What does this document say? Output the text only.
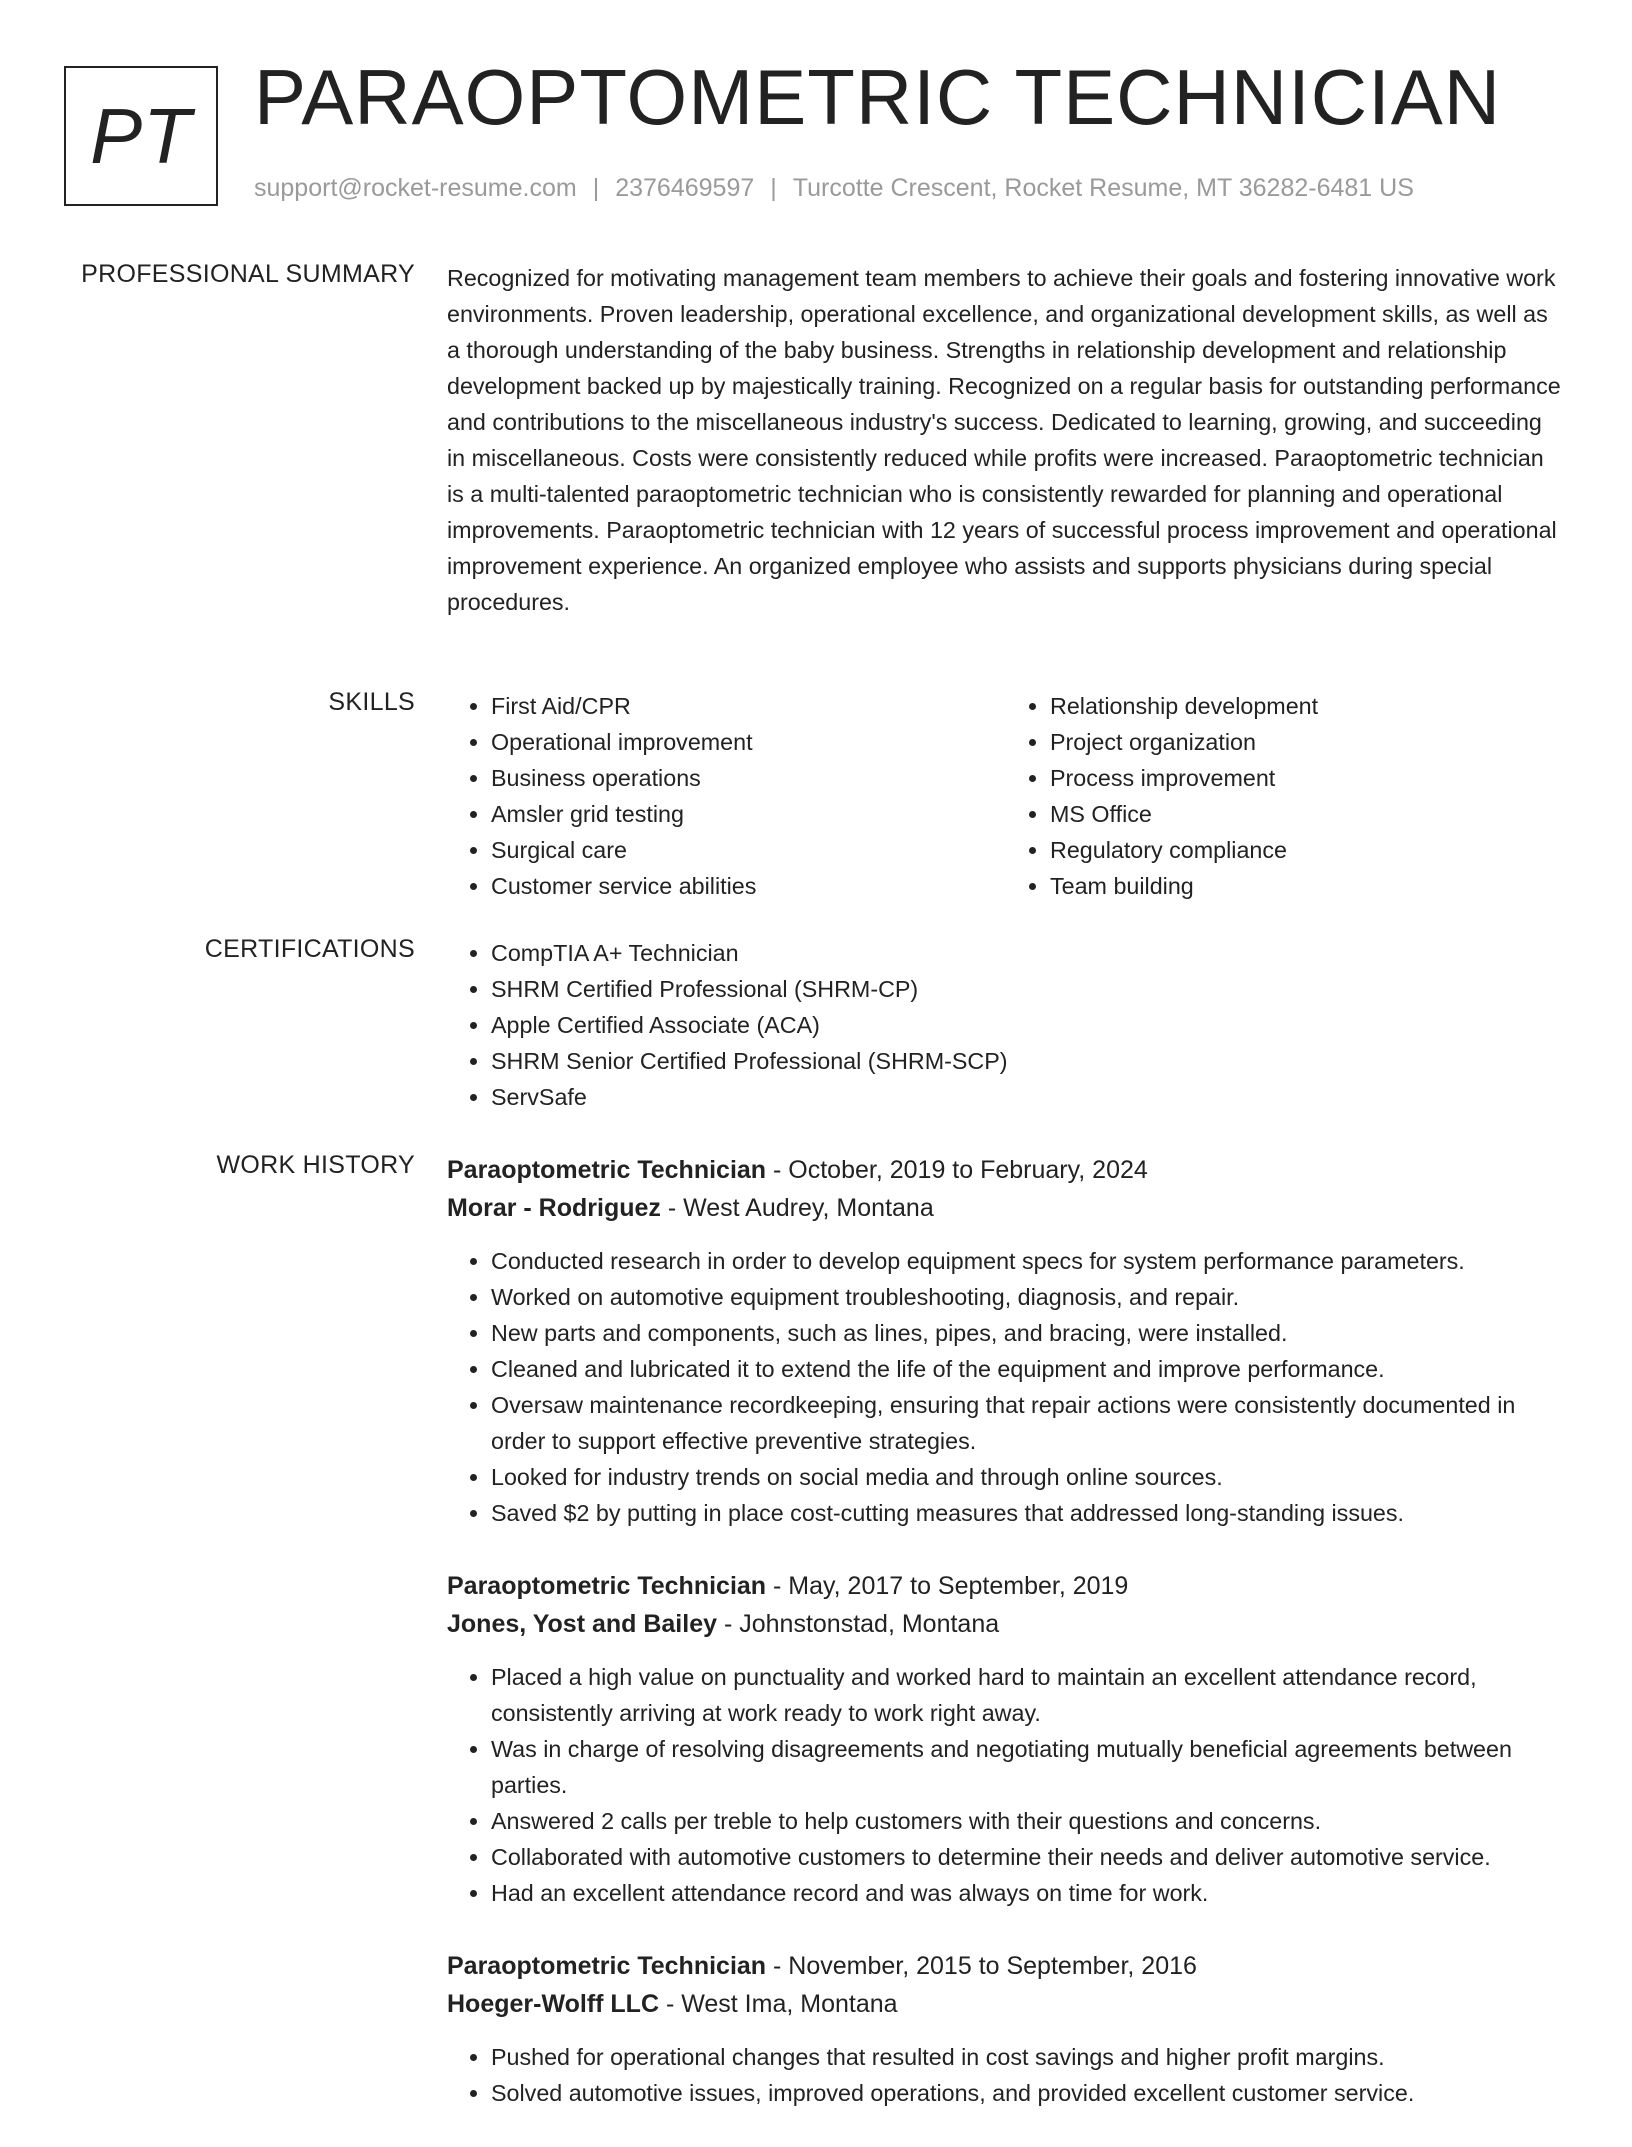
PT PARAOPTOMETRIC TECHNICIAN
support@rocket-resume.com | 2376469597 | Turcotte Crescent, Rocket Resume, MT 36282-6481 US
PROFESSIONAL SUMMARY Recognized for motivating management team members to achieve their goals and fostering innovative work environments. Proven leadership, operational excellence, and organizational development skills, as well as a thorough understanding of the baby business. Strengths in relationship development and relationship development backed up by majestically training. Recognized on a regular basis for outstanding performance and contributions to the miscellaneous industry's success. Dedicated to learning, growing, and succeeding in miscellaneous. Costs were consistently reduced while profits were increased. Paraoptometric technician is a multi-talented paraoptometric technician who is consistently rewarded for planning and operational improvements. Paraoptometric technician with 12 years of successful process improvement and operational improvement experience. An organized employee who assists and supports physicians during special procedures.

SKILLS	• First Aid/CPR
• Operational improvement
• Business operations
• Amsler grid testing
• Surgical care
• Customer service abilities
• Relationship development
• Project organization
• Process improvement
• MS Office
• Regulatory compliance
• Team building
CERTIFICATIONS	• CompTIA A+ Technician
• SHRM Certified Professional (SHRM-CP)
• Apple Certified Associate (ACA)
• SHRM Senior Certified Professional (SHRM-SCP)
• ServSafe
WORK HISTORY Paraoptometric Technician - October, 2019 to February, 2024
Morar - Rodriguez - West Audrey, Montana
• Conducted research in order to develop equipment specs for system performance parameters.
• Worked on automotive equipment troubleshooting, diagnosis, and repair.
• New parts and components, such as lines, pipes, and bracing, were installed.
• Cleaned and lubricated it to extend the life of the equipment and improve performance.
• Oversaw maintenance recordkeeping, ensuring that repair actions were consistently documented in order to support effective preventive strategies.
• Looked for industry trends on social media and through online sources.
• Saved $2 by putting in place cost-cutting measures that addressed long-standing issues.
Paraoptometric Technician - May, 2017 to September, 2019
Jones, Yost and Bailey - Johnstonstad, Montana
• Placed a high value on punctuality and worked hard to maintain an excellent attendance record, consistently arriving at work ready to work right away.
• Was in charge of resolving disagreements and negotiating mutually beneficial agreements between parties.
• Answered 2 calls per treble to help customers with their questions and concerns.
• Collaborated with automotive customers to determine their needs and deliver automotive service.
• Had an excellent attendance record and was always on time for work.
Paraoptometric Technician - November, 2015 to September, 2016
Hoeger-Wolff LLC - West Ima, Montana
• Pushed for operational changes that resulted in cost savings and higher profit margins.
• Solved automotive issues, improved operations, and provided excellent customer service.
